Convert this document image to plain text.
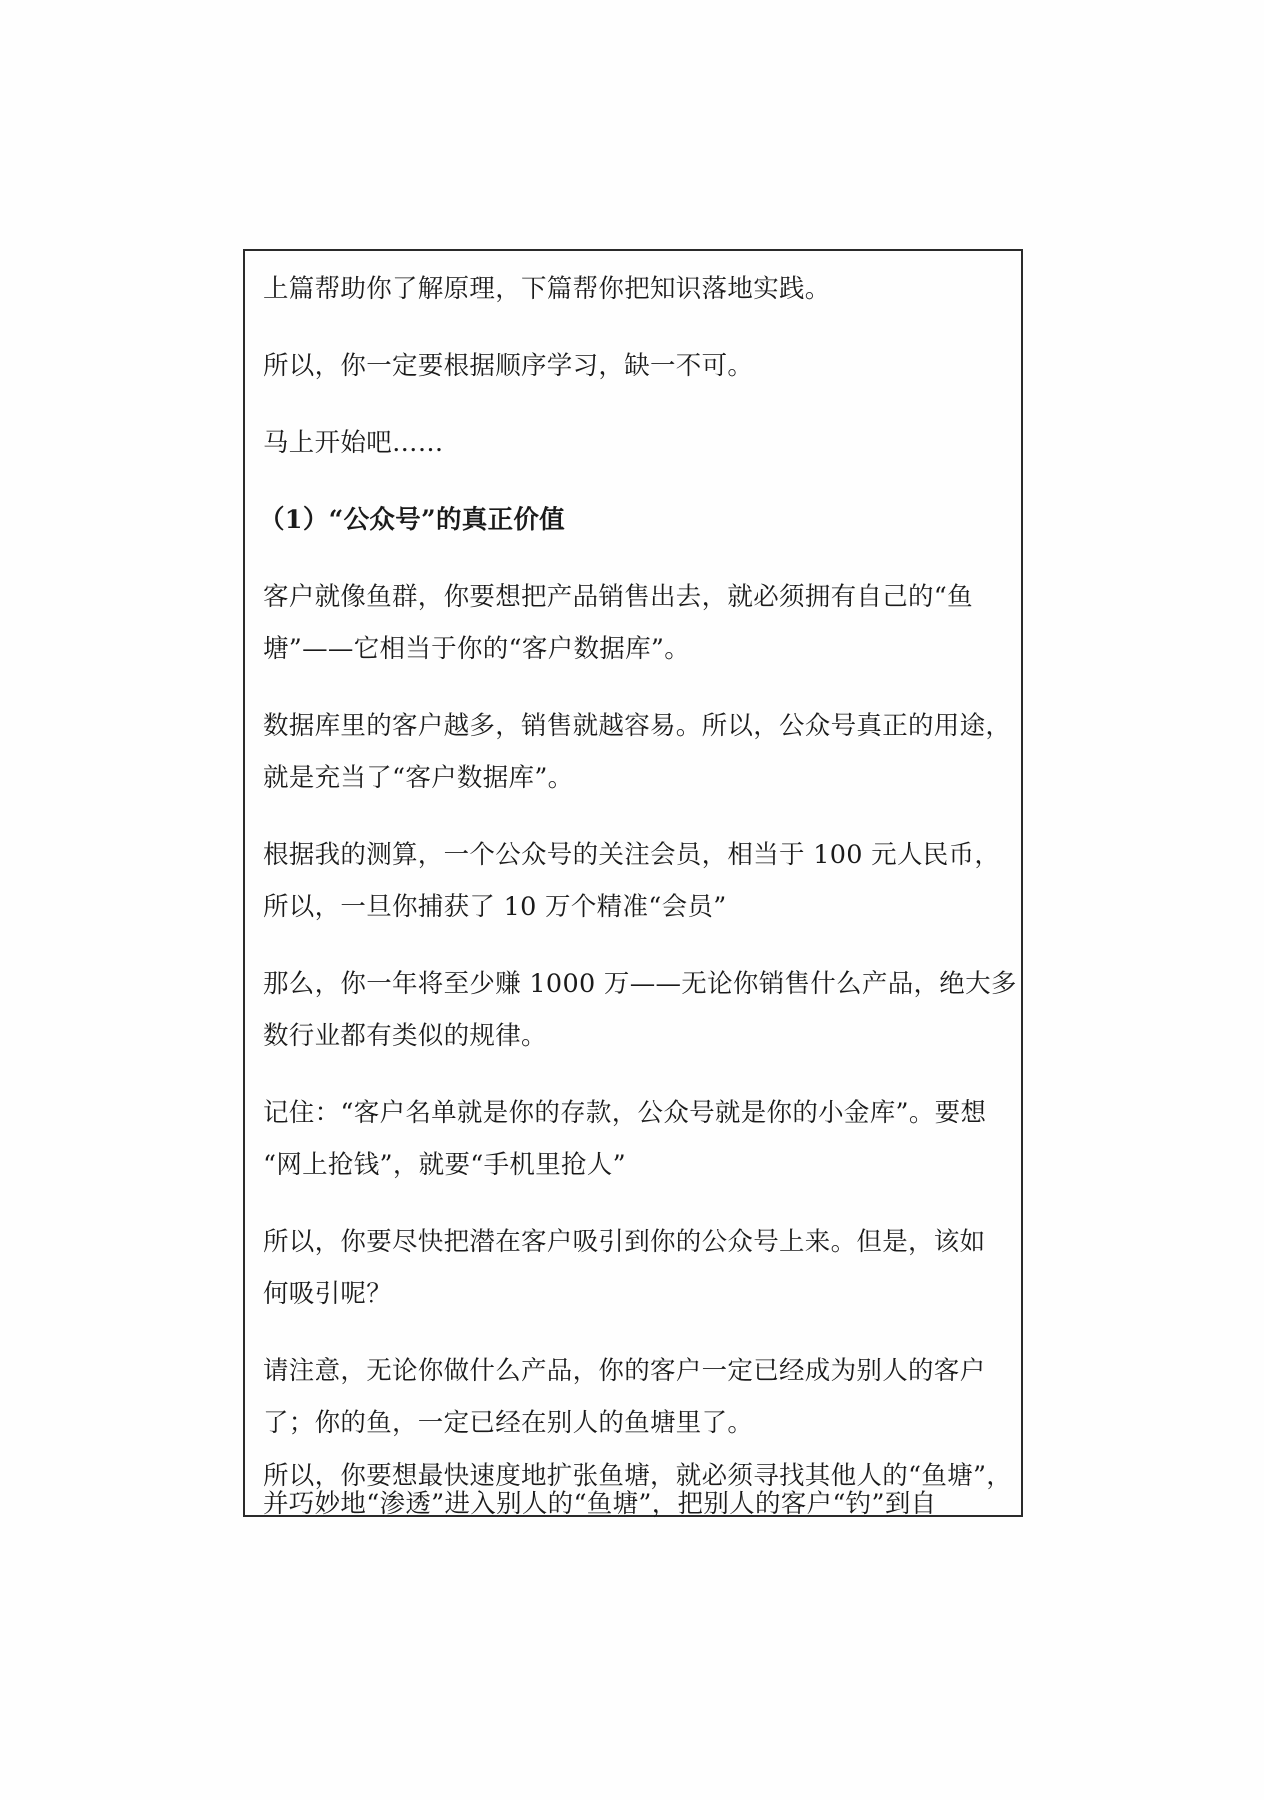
上篇帮助你了解原理，下篇帮你把知识落地实践。
所以，你一定要根据顺序学习，缺一不可。
马上开始吧……
（1）“公众号”的真正价值
客户就像鱼群，你要想把产品销售出去，就必须拥有自己的“鱼
塘”——它相当于你的“客户数据库”。
数据库里的客户越多，销售就越容易。所以，公众号真正的用途，
就是充当了“客户数据库”。
根据我的测算，一个公众号的关注会员，相当于 100 元人民币，
所以，一旦你捕获了 10 万个精准“会员”
那么，你一年将至少赚 1000 万——无论你销售什么产品，绝大多
数行业都有类似的规律。
记住：“客户名单就是你的存款，公众号就是你的小金库”。要想
“网上抢钱”，就要“手机里抢人”
所以，你要尽快把潜在客户吸引到你的公众号上来。但是，该如
何吸引呢？
请注意，无论你做什么产品，你的客户一定已经成为别人的客户
了；你的鱼，一定已经在别人的鱼塘里了。
所以，你要想最快速度地扩张鱼塘，就必须寻找其他人的“鱼塘”，
并巧妙地“渗透”进入别人的“鱼塘”，把别人的客户“钓”到自
